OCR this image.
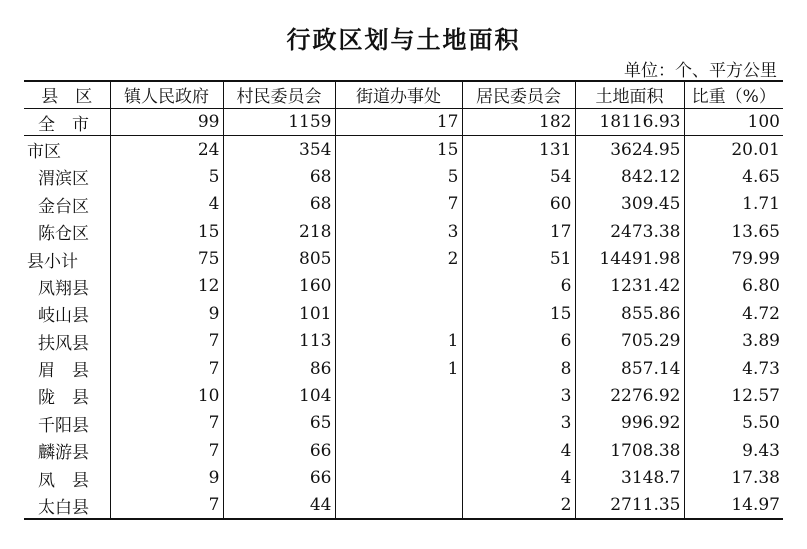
行政区划与土地面积
单位：个、平方公里
县　区	镇人民政府	村民委员会	街道办事处	居民委员会	土地面积	比重（%）
全　市	99	1159	17	182	18116.93	100
市区	24	354	15	131	3624.95	20.01
渭滨区	5	68	5	54	842.12	4.65
金台区	4	68	7	60	309.45	1.71
陈仓区	15	218	3	17	2473.38	13.65
县小计	75	805	2	51	14491.98	79.99
凤翔县	12	160		6	1231.42	6.80
岐山县	9	101		15	855.86	4.72
扶风县	7	113	1	6	705.29	3.89
眉　县	7	86	1	8	857.14	4.73
陇　县	10	104		3	2276.92	12.57
千阳县	7	65		3	996.92	5.50
麟游县	7	66		4	1708.38	9.43
凤　县	9	66		4	3148.7	17.38
太白县	7	44		2	2711.35	14.97
